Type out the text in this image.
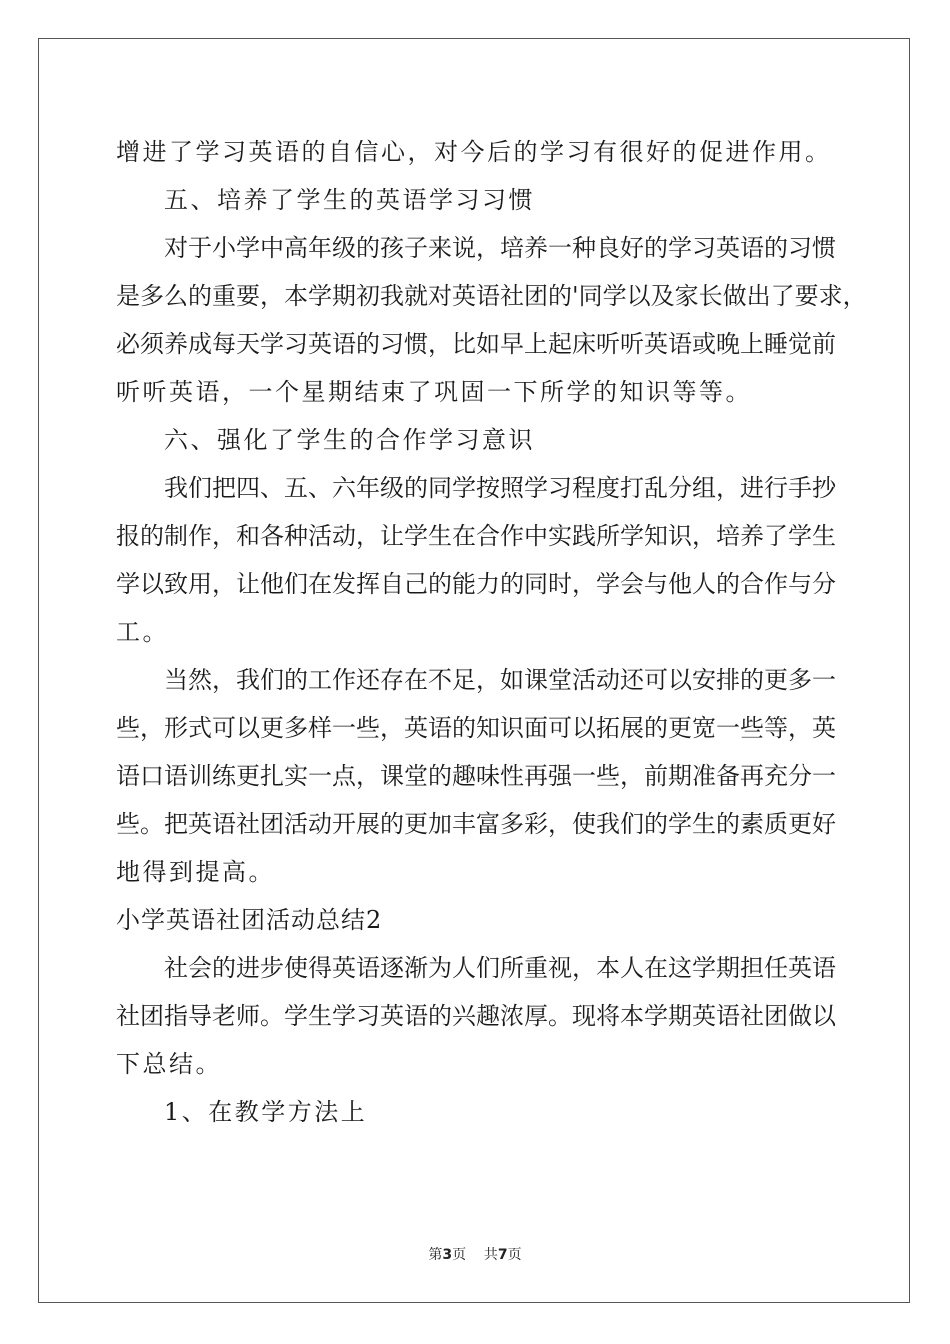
增进了学习英语的自信心，对今后的学习有很好的促进作用。
五、培养了学生的英语学习习惯
对于小学中高年级的孩子来说，培养一种良好的学习英语的习惯
是多么的重要，本学期初我就对英语社团的'同学以及家长做出了要求，
必须养成每天学习英语的习惯，比如早上起床听听英语或晚上睡觉前
听听英语，一个星期结束了巩固一下所学的知识等等。
六、强化了学生的合作学习意识
我们把四、五、六年级的同学按照学习程度打乱分组，进行手抄
报的制作，和各种活动，让学生在合作中实践所学知识，培养了学生
学以致用，让他们在发挥自己的能力的同时，学会与他人的合作与分
工。
当然，我们的工作还存在不足，如课堂活动还可以安排的更多一
些，形式可以更多样一些，英语的知识面可以拓展的更宽一些等，英
语口语训练更扎实一点，课堂的趣味性再强一些，前期准备再充分一
些。把英语社团活动开展的更加丰富多彩，使我们的学生的素质更好
地得到提高。
小学英语社团活动总结2
社会的进步使得英语逐渐为人们所重视，本人在这学期担任英语
社团指导老师。学生学习英语的兴趣浓厚。现将本学期英语社团做以
下总结。
1、在教学方法上
第3页 共7页
